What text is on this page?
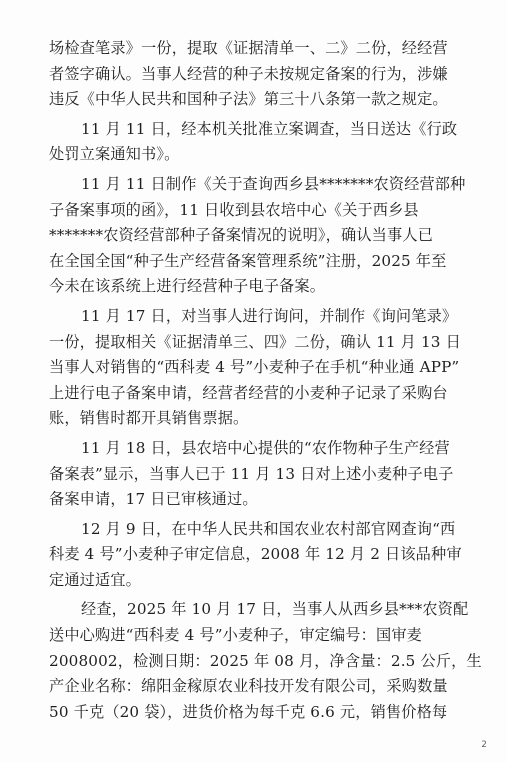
场检查笔录》一份，提取《证据清单一、二》二份，经经营
者签字确认。当事人经营的种子未按规定备案的行为，涉嫌
违反《中华人民共和国种子法》第三十八条第一款之规定。

11 月 11 日，经本机关批准立案调查，当日送达《行政
处罚立案通知书》。

11 月 11 日制作《关于查询西乡县*******农资经营部种
子备案事项的函》，11 日收到县农培中心《关于西乡县
*******农资经营部种子备案情况的说明》，确认当事人已
在全国全国“种子生产经营备案管理系统”注册，2025 年至
今未在该系统上进行经营种子电子备案。

11 月 17 日，对当事人进行询问，并制作《询问笔录》
一份，提取相关《证据清单三、四》二份，确认 11 月 13 日
当事人对销售的“西科麦 4 号”小麦种子在手机“种业通 APP”
上进行电子备案申请，经营者经营的小麦种子记录了采购台
账，销售时都开具销售票据。

11 月 18 日，县农培中心提供的“农作物种子生产经营
备案表”显示，当事人已于 11 月 13 日对上述小麦种子电子
备案申请，17 日已审核通过。

12 月 9 日，在中华人民共和国农业农村部官网查询“西
科麦 4 号”小麦种子审定信息，2008 年 12 月 2 日该品种审
定通过适宜。

经查，2025 年 10 月 17 日，当事人从西乡县***农资配
送中心购进“西科麦 4 号”小麦种子，审定编号：国审麦
2008002，检测日期：2025 年 08 月，净含量：2.5 公斤，生
产企业名称：绵阳金稼原农业科技开发有限公司，采购数量
50 千克（20 袋），进货价格为每千克 6.6 元，销售价格每

2
